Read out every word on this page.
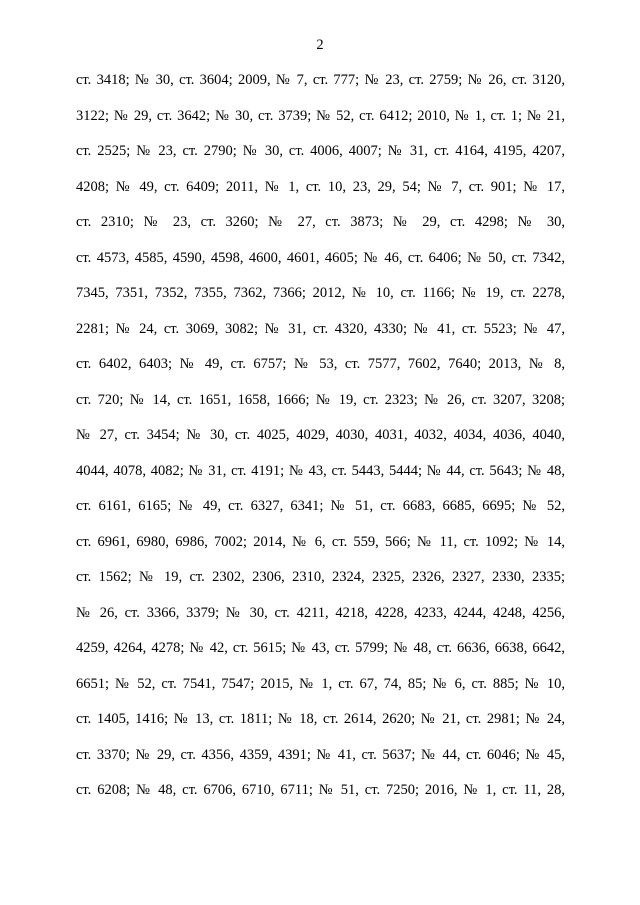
2
ст. 3418; № 30, ст. 3604; 2009, № 7, ст. 777; № 23, ст. 2759; № 26, ст. 3120,
3122; № 29, ст. 3642; № 30, ст. 3739; № 52, ст. 6412; 2010, № 1, ст. 1; № 21,
ст. 2525; № 23, ст. 2790; № 30, ст. 4006, 4007; № 31, ст. 4164, 4195, 4207,
4208; № 49, ст. 6409; 2011, № 1, ст. 10, 23, 29, 54; № 7, ст. 901; № 17,
ст. 2310; № 23, ст. 3260; № 27, ст. 3873; № 29, ст. 4298; № 30,
ст. 4573, 4585, 4590, 4598, 4600, 4601, 4605; № 46, ст. 6406; № 50, ст. 7342,
7345, 7351, 7352, 7355, 7362, 7366; 2012, № 10, ст. 1166; № 19, ст. 2278,
2281; № 24, ст. 3069, 3082; № 31, ст. 4320, 4330; № 41, ст. 5523; № 47,
ст. 6402, 6403; № 49, ст. 6757; № 53, ст. 7577, 7602, 7640; 2013, № 8,
ст. 720; № 14, ст. 1651, 1658, 1666; № 19, ст. 2323; № 26, ст. 3207, 3208;
№ 27, ст. 3454; № 30, ст. 4025, 4029, 4030, 4031, 4032, 4034, 4036, 4040,
4044, 4078, 4082; № 31, ст. 4191; № 43, ст. 5443, 5444; № 44, ст. 5643; № 48,
ст. 6161, 6165; № 49, ст. 6327, 6341; № 51, ст. 6683, 6685, 6695; № 52,
ст. 6961, 6980, 6986, 7002; 2014, № 6, ст. 559, 566; № 11, ст. 1092; № 14,
ст. 1562; № 19, ст. 2302, 2306, 2310, 2324, 2325, 2326, 2327, 2330, 2335;
№ 26, ст. 3366, 3379; № 30, ст. 4211, 4218, 4228, 4233, 4244, 4248, 4256,
4259, 4264, 4278; № 42, ст. 5615; № 43, ст. 5799; № 48, ст. 6636, 6638, 6642,
6651; № 52, ст. 7541, 7547; 2015, № 1, ст. 67, 74, 85; № 6, ст. 885; № 10,
ст. 1405, 1416; № 13, ст. 1811; № 18, ст. 2614, 2620; № 21, ст. 2981; № 24,
ст. 3370; № 29, ст. 4356, 4359, 4391; № 41, ст. 5637; № 44, ст. 6046; № 45,
ст. 6208; № 48, ст. 6706, 6710, 6711; № 51, ст. 7250; 2016, № 1, ст. 11, 28,
